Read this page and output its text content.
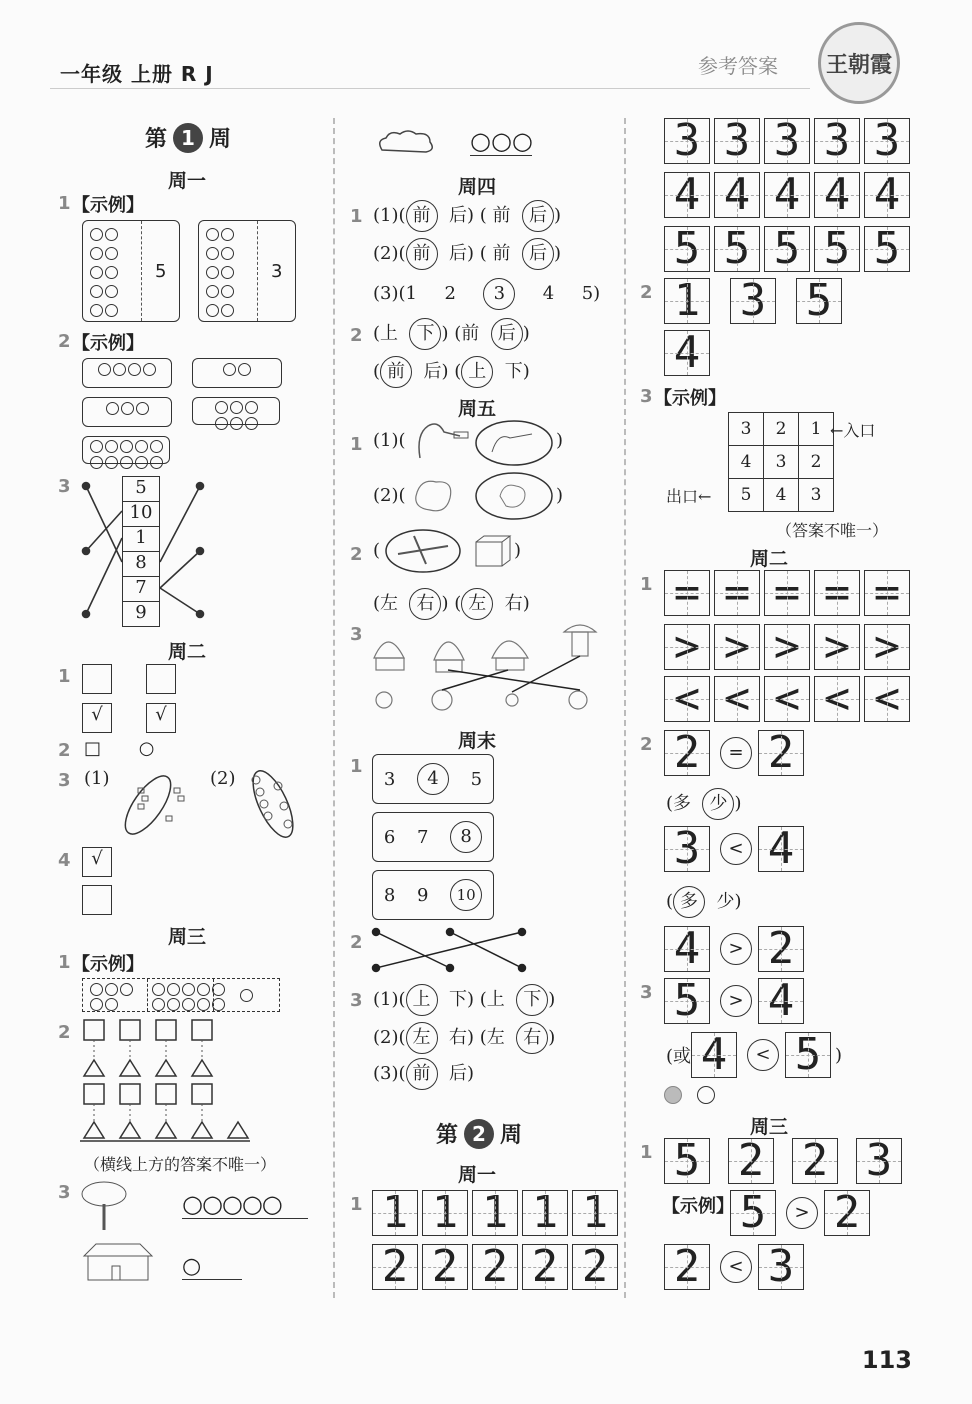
一年级 上册 R J	参考答案 王朝霞
第 1 周
周一
1 【示例】
5	3
2 【示例】

3	5
10
1
8
7
9
周二
1
√	√
2 □ ○
3 (1)	(2)
4	√
周三
1 【示例】

2
（横线上方的答案不唯一）
3	○○○○○
○
○○○
周四
1 (1)( 前 后) ( 前 后 )
(2)( 前 后) ( 前 后 )
(3)(1 2 3 4 5)
2 (上 下 ) (前 后 )
( 前 后) ( 上 下)
周五
1 (1)(	)
(2)(	)
2 (	)
(左 右 ) ( 左 右)
3
周末
1
3	4	5
6 7	8
8 9	10
2
3 (1)( 上 下) (上 下 )
(2)( 左 右) (左 右 )
(3)( 前 后)
第 2 周
周一
1 1 1 1 1 1
2 2 2 2 2
3 3 3 3 3
4 4 4 4 4
5 5 5 5 5
2 1 3 5
4
3 【示例】
3	2	1
4	3	2
5	4	3
←入口
出口←
（答案不唯一）
周二
1 = = = = =
> > > > >
< < < < <
2 2	= 2
(多 少 )
3	< 4
( 多 少)
4	> 2
3 5	> 4
(或 4	< 5 )

周三
1 5 2 2 3
【示例】 5	> 2
2	< 3
113
